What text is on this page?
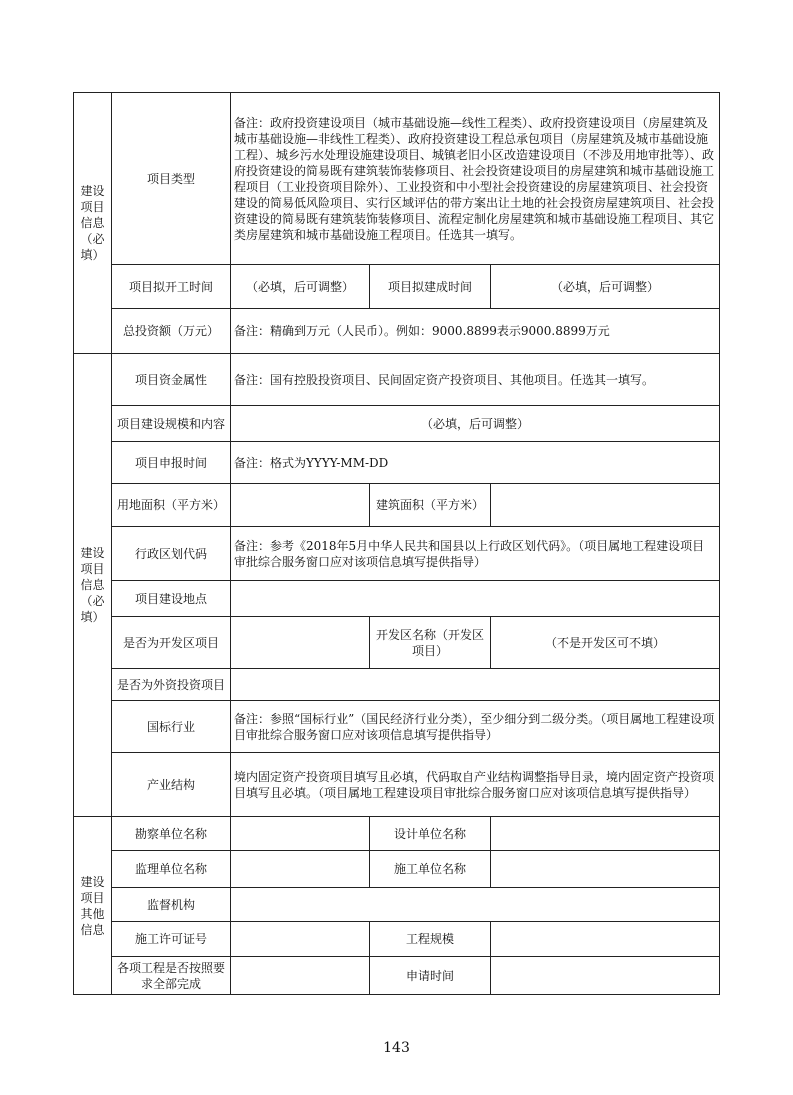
建设项目信息（必填）	项目类型	备注：政府投资建设项目（城市基础设施—线性工程类）、政府投资建设项目（房屋建筑及城市基础设施—非线性工程类）、政府投资建设工程总承包项目（房屋建筑及城市基础设施工程）、城乡污水处理设施建设项目、城镇老旧小区改造建设项目（不涉及用地审批等）、政府投资建设的简易既有建筑装饰装修项目、社会投资建设项目的房屋建筑和城市基础设施工程项目（工业投资项目除外）、工业投资和中小型社会投资建设的房屋建筑项目、社会投资建设的简易低风险项目、实行区域评估的带方案出让土地的社会投资房屋建筑项目、社会投资建设的简易既有建筑装饰装修项目、流程定制化房屋建筑和城市基础设施工程项目、其它类房屋建筑和城市基础设施工程项目。任选其一填写。		
	项目拟开工时间	（必填，后可调整）	项目拟建成时间	（必填，后可调整）
	总投资额（万元）	备注：精确到万元（人民币）。例如：9000.8899表示9000.8899万元		
建设项目信息（必填）	项目资金属性	备注：国有控股投资项目、民间固定资产投资项目、其他项目。任选其一填写。		
	项目建设规模和内容	（必填，后可调整）		
	项目申报时间	备注：格式为YYYY-MM-DD		
	用地面积（平方米）		建筑面积（平方米）	
	行政区划代码	备注：参考《2018年5月中华人民共和国县以上行政区划代码》。（项目属地工程建设项目审批综合服务窗口应对该项信息填写提供指导）		
	项目建设地点			
	是否为开发区项目		开发区名称（开发区项目）	（不是开发区可不填）
	是否为外资投资项目			
	国标行业	备注：参照“国标行业”（国民经济行业分类），至少细分到二级分类。（项目属地工程建设项目审批综合服务窗口应对该项信息填写提供指导）		
	产业结构	境内固定资产投资项目填写且必填，代码取自产业结构调整指导目录，境内固定资产投资项目填写且必填。（项目属地工程建设项目审批综合服务窗口应对该项信息填写提供指导）		
建设项目其他信息	勘察单位名称		设计单位名称	
	监理单位名称		施工单位名称	
	监督机构			
	施工许可证号		工程规模	
	各项工程是否按照要求全部完成		申请时间	
143
